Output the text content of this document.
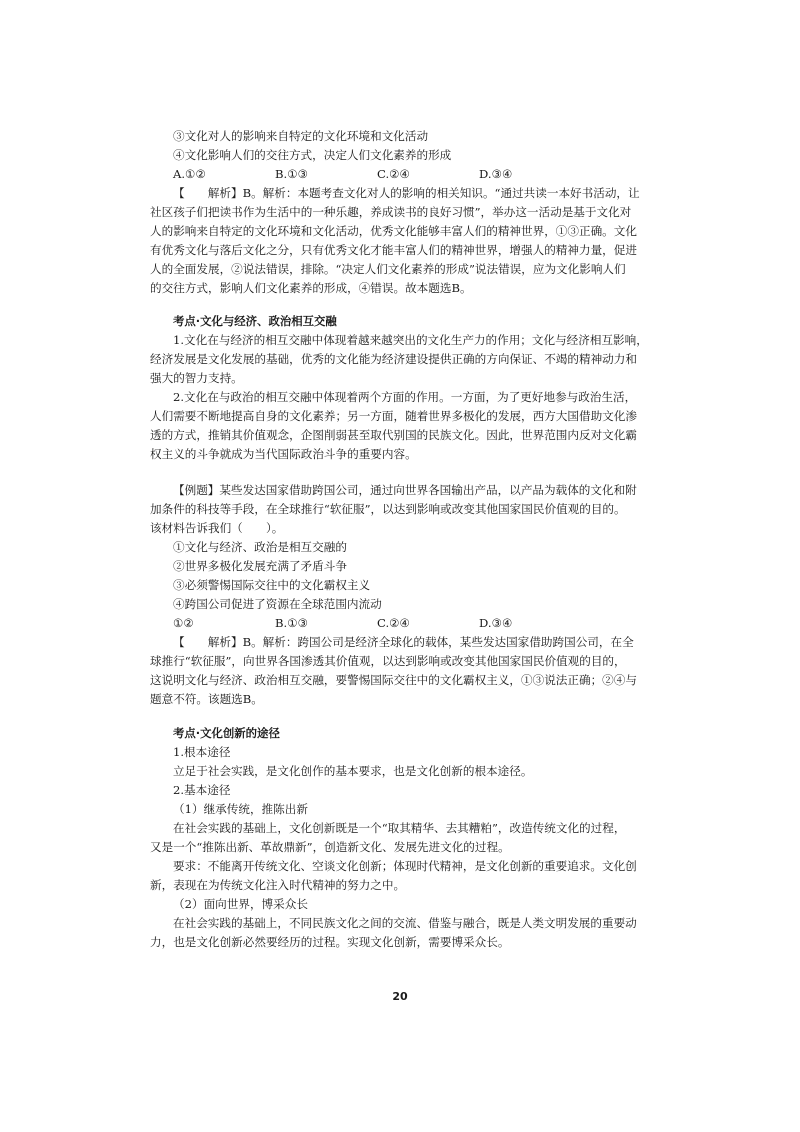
③文化对人的影响来自特定的文化环境和文化活动

④文化影响人们的交往方式，决定人们文化素养的形成

A.①②	B.①③	C.②④	D.③④

【　　解析】B。解析：本题考查文化对人的影响的相关知识。“通过共读一本好书活动，让

社区孩子们把读书作为生活中的一种乐趣，养成读书的良好习惯”，举办这一活动是基于文化对

人的影响来自特定的文化环境和文化活动，优秀文化能够丰富人们的精神世界，①③正确。文化

有优秀文化与落后文化之分，只有优秀文化才能丰富人们的精神世界，增强人的精神力量，促进

人的全面发展，②说法错误，排除。“决定人们文化素养的形成”说法错误，应为文化影响人们

的交往方式，影响人们文化素养的形成，④错误。故本题选B。

考点·文化与经济、政治相互交融

1.文化在与经济的相互交融中体现着越来越突出的文化生产力的作用；文化与经济相互影响，

经济发展是文化发展的基础，优秀的文化能为经济建设提供正确的方向保证、不竭的精神动力和

强大的智力支持。

2.文化在与政治的相互交融中体现着两个方面的作用。一方面，为了更好地参与政治生活，

人们需要不断地提高自身的文化素养；另一方面，随着世界多极化的发展，西方大国借助文化渗

透的方式，推销其价值观念，企图削弱甚至取代别国的民族文化。因此，世界范围内反对文化霸

权主义的斗争就成为当代国际政治斗争的重要内容。

【例题】某些发达国家借助跨国公司，通过向世界各国输出产品，以产品为载体的文化和附

加条件的科技等手段，在全球推行“软征服”，以达到影响或改变其他国家国民价值观的目的。

该材料告诉我们（　　）。

①文化与经济、政治是相互交融的

②世界多极化发展充满了矛盾斗争

③必须警惕国际交往中的文化霸权主义

④跨国公司促进了资源在全球范围内流动

①②	B.①③	C.②④	D.③④

【　　解析】B。解析：跨国公司是经济全球化的载体，某些发达国家借助跨国公司，在全

球推行“软征服”，向世界各国渗透其价值观，以达到影响或改变其他国家国民价值观的目的，

这说明文化与经济、政治相互交融，要警惕国际交往中的文化霸权主义，①③说法正确；②④与

题意不符。该题选B。

考点·文化创新的途径

1.根本途径

立足于社会实践，是文化创作的基本要求，也是文化创新的根本途径。

2.基本途径

（1）继承传统，推陈出新

在社会实践的基础上，文化创新既是一个“取其精华、去其糟粕”，改造传统文化的过程，

又是一个“推陈出新、革故鼎新”，创造新文化、发展先进文化的过程。

要求：不能离开传统文化、空谈文化创新；体现时代精神，是文化创新的重要追求。文化创

新，表现在为传统文化注入时代精神的努力之中。

（2）面向世界，博采众长

在社会实践的基础上，不同民族文化之间的交流、借鉴与融合，既是人类文明发展的重要动

力，也是文化创新必然要经历的过程。实现文化创新，需要博采众长。

20
